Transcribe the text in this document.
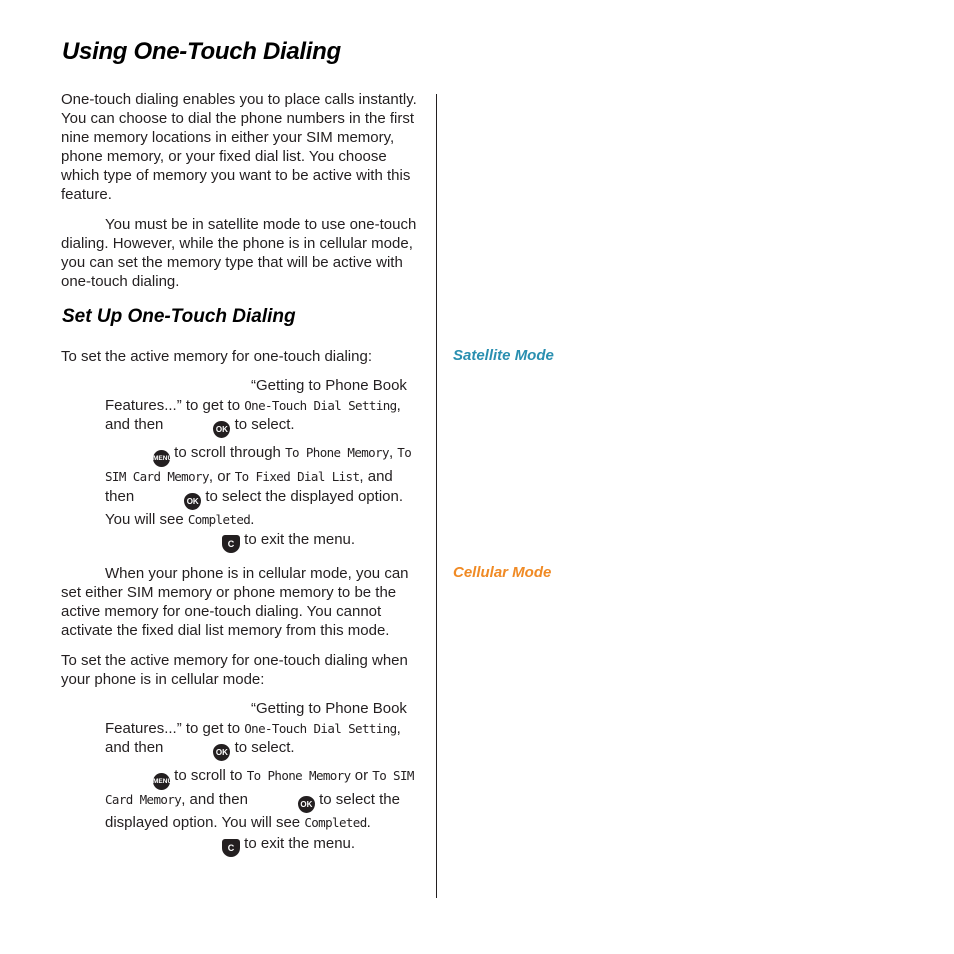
Using One-Touch Dialing

One-touch dialing enables you to place calls instantly. You can choose to dial the phone numbers in the first nine memory locations in either your SIM memory, phone memory, or your fixed dial list. You choose which type of memory you want to be active with this feature.

You must be in satellite mode to use one-touch dialing. However, while the phone is in cellular mode, you can set the memory type that will be active with one-touch dialing.

Set Up One-Touch Dialing

To set the active memory for one-touch dialing:

“Getting to Phone Book
Features...” to get to One-Touch Dial Setting,
and then	OK to select.
MENU to scroll through To Phone Memory, To
SIM Card Memory, or To Fixed Dial List, and
then	OK to select the displayed option.
You will see Completed.
C to exit the menu.

When your phone is in cellular mode, you can set either SIM memory or phone memory to be the active memory for one-touch dialing. You cannot activate the fixed dial list memory from this mode.

To set the active memory for one-touch dialing when your phone is in cellular mode:

“Getting to Phone Book
Features...” to get to One-Touch Dial Setting,
and then	OK to select.
MENU to scroll to To Phone Memory or To SIM
Card Memory, and then	OK to select the
displayed option. You will see Completed.
C to exit the menu.

Satellite Mode

Cellular Mode
